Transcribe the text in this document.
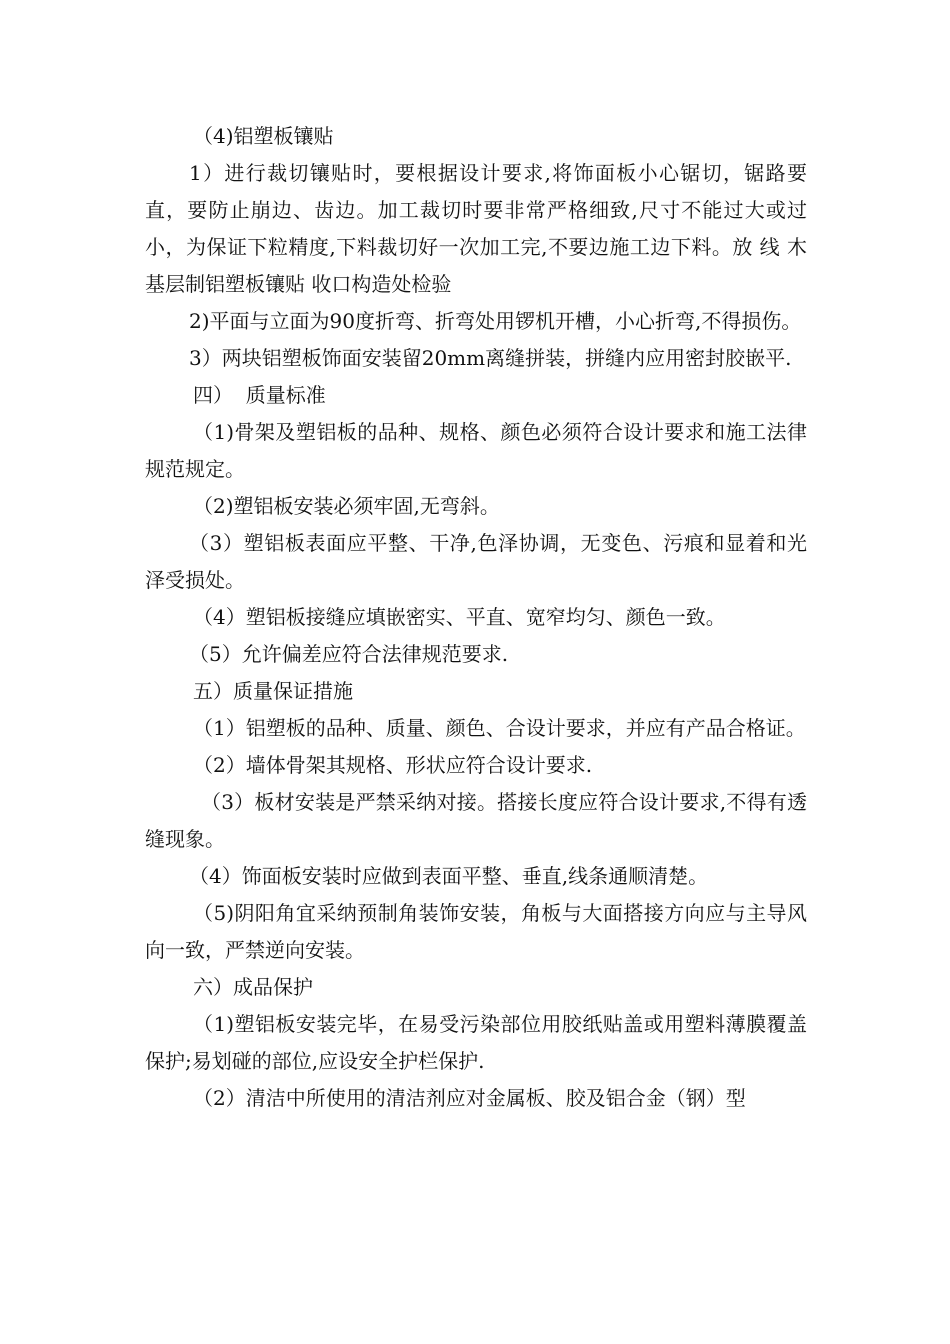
（4)铝塑板镶贴

1）进行裁切镶贴时，要根据设计要求,将饰面板小心锯切，锯路要直，要防止崩边、齿边。加工裁切时要非常严格细致,尺寸不能过大或过小，为保证下粒精度,下料裁切好一次加工完,不要边施工边下料。放 线 木基层制铝塑板镶贴 收口构造处检验

2)平面与立面为90度折弯、折弯处用锣机开槽，小心折弯,不得损伤。

3）两块铝塑板饰面安装留20mm离缝拼装，拼缝内应用密封胶嵌平.

四）  质量标准

（1)骨架及塑铝板的品种、规格、颜色必须符合设计要求和施工法律规范规定。

（2)塑铝板安装必须牢固,无弯斜。

（3）塑铝板表面应平整、干净,色泽协调，无变色、污痕和显着和光泽受损处。

（4）塑铝板接缝应填嵌密实、平直、宽窄均匀、颜色一致。

（5）允许偏差应符合法律规范要求.

五）质量保证措施

（1）铝塑板的品种、质量、颜色、合设计要求，并应有产品合格证。

（2）墙体骨架其规格、形状应符合设计要求.

（3）板材安装是严禁采纳对接。搭接长度应符合设计要求,不得有透缝现象。

（4）饰面板安装时应做到表面平整、垂直,线条通顺清楚。

（5)阴阳角宜采纳预制角装饰安装，角板与大面搭接方向应与主导风向一致，严禁逆向安装。

六）成品保护

（1)塑铝板安装完毕，在易受污染部位用胶纸贴盖或用塑料薄膜覆盖保护;易划碰的部位,应设安全护栏保护.

（2）清洁中所使用的清洁剂应对金属板、胶及铝合金（钢）型
